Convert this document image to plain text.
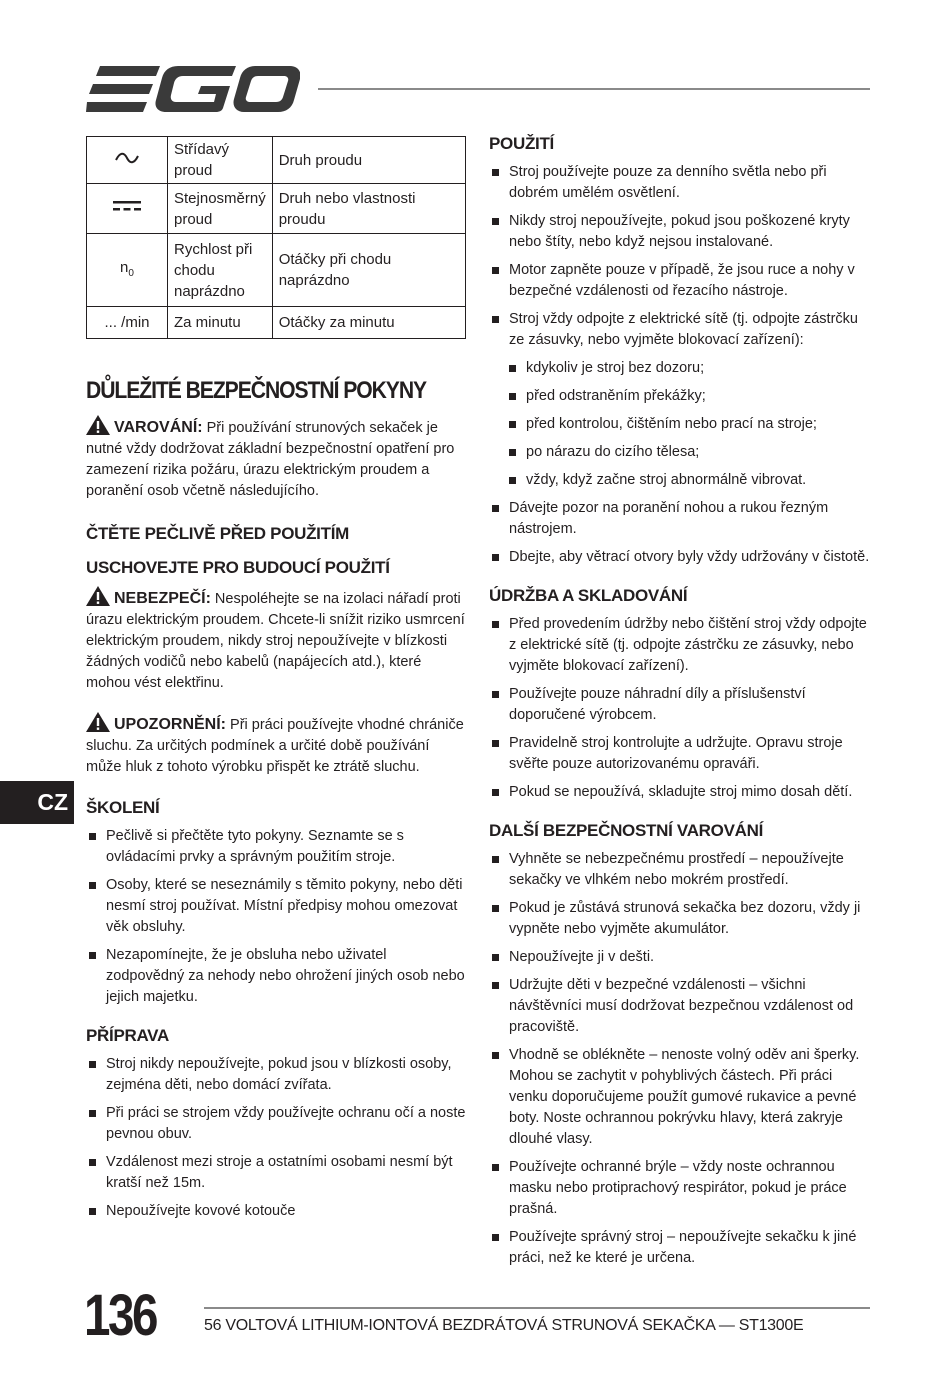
	Střídavý proud	Druh proudu
	Stejnosměrný proud	Druh nebo vlastnosti proudu
$n_0$	Rychlost při chodu naprázdno	Otáčky při chodu naprázdno
... /min	Za minutu	Otáčky za minutu
DŮLEŽITÉ BEZPEČNOSTNÍ POKYNY

VAROVÁNÍ: Při používání strunových sekaček je nutné vždy dodržovat základní bezpečnostní opatření pro zamezení rizika požáru, úrazu elektrickým proudem a poranění osob včetně následujícího.

ČTĚTE PEČLIVĚ PŘED POUŽITÍM
USCHOVEJTE PRO BUDOUCÍ POUŽITÍ

NEBEZPEČÍ: Nespoléhejte se na izolaci nářadí proti úrazu elektrickým proudem. Chcete-li snížit riziko usmrcení elektrickým proudem, nikdy stroj nepoužívejte v blízkosti žádných vodičů nebo kabelů (napájecích atd.), které mohou vést elektřinu.

UPOZORNĚNÍ: Při práci používejte vhodné chrániče sluchu. Za určitých podmínek a určité době používání může hluk z tohoto výrobku přispět ke ztrátě sluchu.

ŠKOLENÍ
Pečlivě si přečtěte tyto pokyny. Seznamte se s ovládacími prvky a správným použitím stroje.
Osoby, které se neseznámily s těmito pokyny, nebo děti nesmí stroj používat. Místní předpisy mohou omezovat věk obsluhy.
Nezapomínejte, že je obsluha nebo uživatel zodpovědný za nehody nebo ohrožení jiných osob nebo jejich majetku.
PŘÍPRAVA
Stroj nikdy nepoužívejte, pokud jsou v blízkosti osoby, zejména děti, nebo domácí zvířata.
Při práci se strojem vždy používejte ochranu očí a noste pevnou obuv.
Vzdálenost mezi stroje a ostatními osobami nesmí být kratší než 15m.
Nepoužívejte kovové kotouče
POUŽITÍ
Stroj používejte pouze za denního světla nebo při dobrém umělém osvětlení.
Nikdy stroj nepoužívejte, pokud jsou poškozené kryty nebo štíty, nebo když nejsou instalované.
Motor zapněte pouze v případě, že jsou ruce a nohy v bezpečné vzdálenosti od řezacího nástroje.
Stroj vždy odpojte z elektrické sítě (tj. odpojte zástrčku ze zásuvky, nebo vyjměte blokovací zařízení):
kdykoliv je stroj bez dozoru;
před odstraněním překážky;
před kontrolou, čištěním nebo prací na stroje;
po nárazu do cizího tělesa;
vždy, když začne stroj abnormálně vibrovat.
Dávejte pozor na poranění nohou a rukou řezným nástrojem.
Dbejte, aby větrací otvory byly vždy udržovány v čistotě.
ÚDRŽBA A SKLADOVÁNÍ
Před provedením údržby nebo čištění stroj vždy odpojte z elektrické sítě (tj. odpojte zástrčku ze zásuvky, nebo vyjměte blokovací zařízení).
Používejte pouze náhradní díly a příslušenství doporučené výrobcem.
Pravidelně stroj kontrolujte a udržujte. Opravu stroje svěřte pouze autorizovanému opraváři.
Pokud se nepoužívá, skladujte stroj mimo dosah dětí.
DALŠÍ BEZPEČNOSTNÍ VAROVÁNÍ
Vyhněte se nebezpečnému prostředí – nepoužívejte sekačky ve vlhkém nebo mokrém prostředí.
Pokud je zůstává strunová sekačka bez dozoru, vždy ji vypněte nebo vyjměte akumulátor.
Nepoužívejte ji v dešti.
Udržujte děti v bezpečné vzdálenosti – všichni návštěvníci musí dodržovat bezpečnou vzdálenost od pracoviště.
Vhodně se oblékněte – nenoste volný oděv ani šperky. Mohou se zachytit v pohyblivých částech. Při práci venku doporučujeme použít gumové rukavice a pevné boty. Noste ochrannou pokrývku hlavy, která zakryje dlouhé vlasy.
Používejte ochranné brýle – vždy noste ochrannou masku nebo protiprachový respirátor, pokud je práce prašná.
Používejte správný stroj – nepoužívejte sekačku k jiné práci, než ke které je určena.
CZ
136	56 VOLTOVÁ LITHIUM-IONTOVÁ BEZDRÁTOVÁ STRUNOVÁ SEKAČKA — ST1300E
